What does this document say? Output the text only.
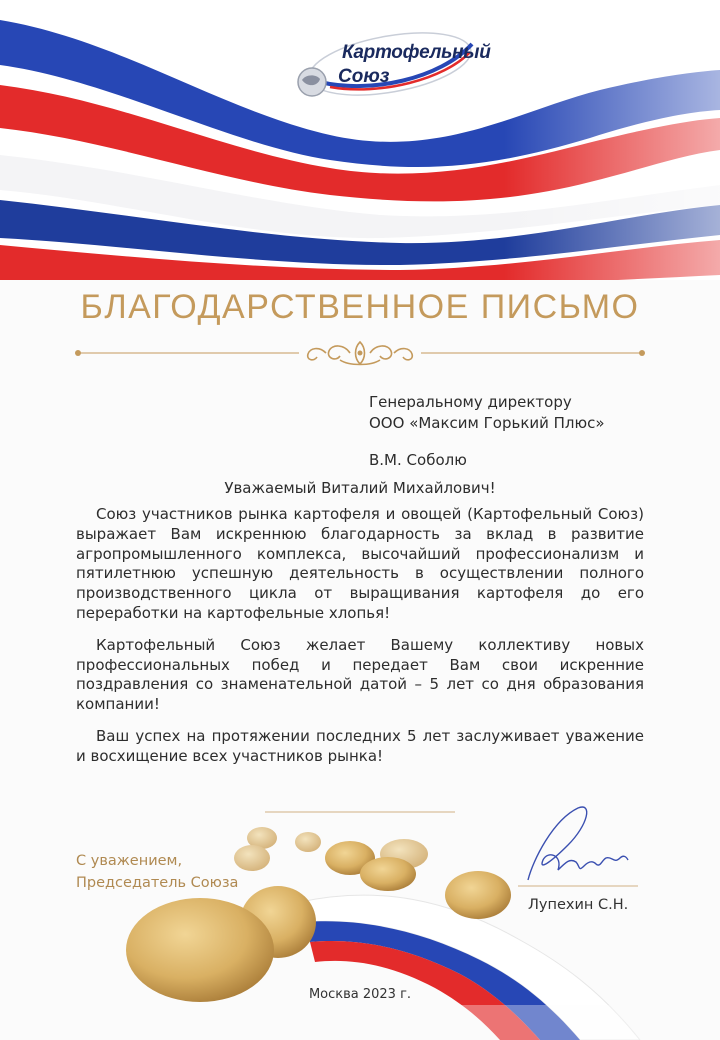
Картофельный
Союз
БЛАГОДАРСТВЕННОЕ ПИСЬМО
Генеральному директору
ООО «Максим Горький Плюс»
В.М. Соболю
Уважаемый Виталий Михайлович!

Союз участников рынка картофеля и овощей (Картофельный Союз) выражает Вам искреннюю благодарность за вклад в развитие агропромышленного комплекса, высочайший профессионализм и пятилетнюю успешную деятельность в осуществлении полного производственного цикла от выращивания картофеля до его переработки на картофельные хлопья!

Картофельный Союз желает Вашему коллективу новых профессиональных побед и передает Вам свои искренние поздравления со знаменательной датой – 5 лет со дня образования компании!

Ваш успех на протяжении последних 5 лет заслуживает уважение и восхищение всех участников рынка!

С уважением,
Председатель Союза
Лупехин С.Н.
Москва 2023 г.
